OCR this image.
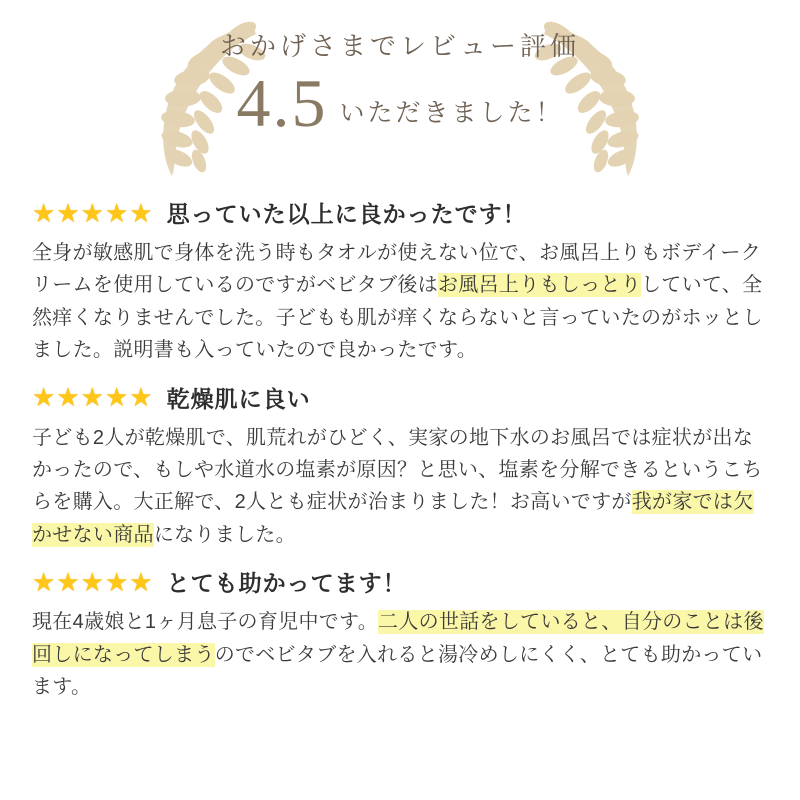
おかげさまでレビュー評価
4.5 いただきました！
★ ★ ★ ★ ★ 思っていた以上に良かったです！

全身が敏感肌で身体を洗う時もタオルが使えない位で、お風呂上りもボデイークリームを使用しているのですがベビタブ後はお風呂上りもしっとりしていて、全然痒くなりませんでした。子どもも肌が痒くならないと言っていたのがホッとしました。説明書も入っていたので良かったです。

★ ★ ★ ★ ★ 乾燥肌に良い

子ども2人が乾燥肌で、肌荒れがひどく、実家の地下水のお風呂では症状が出なかったので、もしや水道水の塩素が原因？と思い、塩素を分解できるというこちらを購入。大正解で、2人とも症状が治まりました！お高いですが我が家では欠かせない商品になりました。

★ ★ ★ ★ ★ とても助かってます！

現在4歳娘と1ヶ月息子の育児中です。二人の世話をしていると、自分のことは後回しになってしまうのでベビタブを入れると湯冷めしにくく、とても助かっています。
